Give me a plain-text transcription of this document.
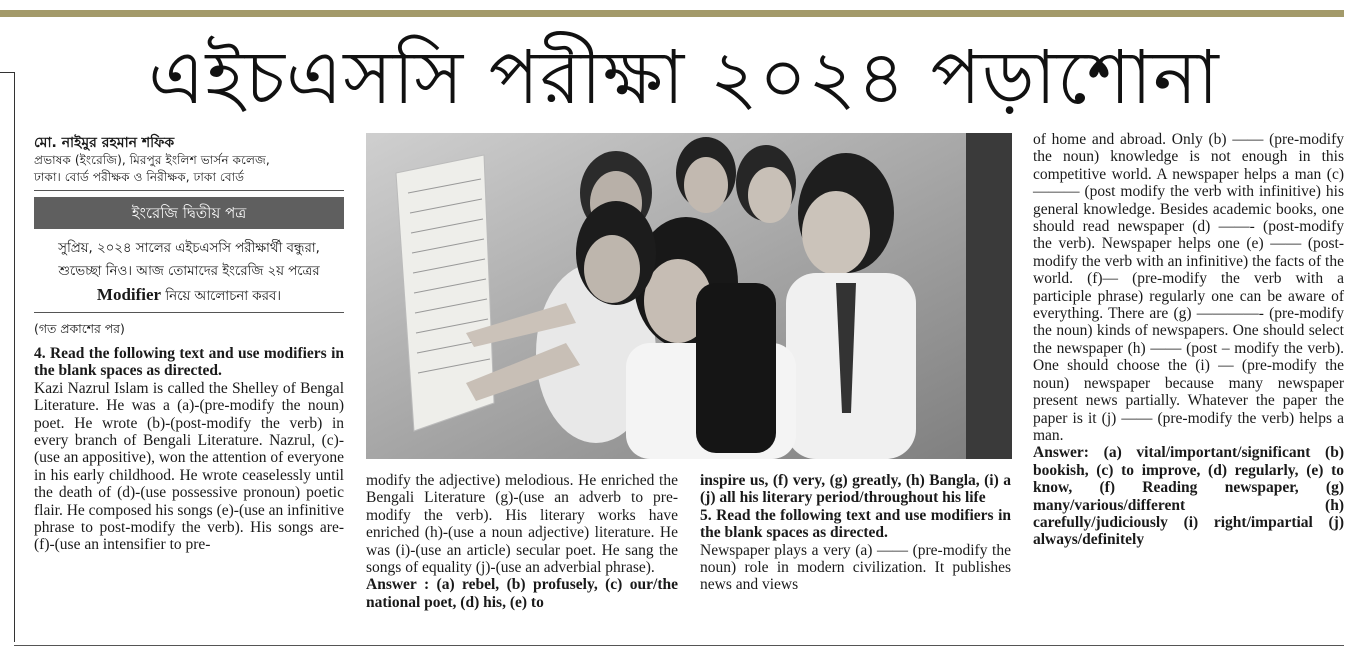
এইচএসসি পরীক্ষা ২০২৪ পড়াশোনা
মো. নাইমুর রহমান শফিক
প্রভাষক (ইংরেজি), মিরপুর ইংলিশ ভার্সন কলেজ,
ঢাকা। বোর্ড পরীক্ষক ও নিরীক্ষক, ঢাকা বোর্ড
ইংরেজি দ্বিতীয় পত্র
সুপ্রিয়, ২০২৪ সালের এইচএসসি পরীক্ষার্থী বন্ধুরা,
শুভেচ্ছা নিও। আজ তোমাদের ইংরেজি ২য় পত্রের
Modifier নিয়ে আলোচনা করব।
(গত প্রকাশের পর)
4. Read the following text and use modifiers in the blank spaces as directed.
Kazi Nazrul Islam is called the Shelley of Bengal Literature. He was a (a)-(pre-modify the noun) poet. He wrote (b)-(post-modify the verb) in every branch of Bengali Literature. Nazrul, (c)-(use an appositive), won the attention of everyone in his early childhood. He wrote ceaselessly until the death of (d)-(use possessive pronoun) poetic flair. He composed his songs (e)-(use an infinitive phrase to post-modify the verb). His songs are- (f)-(use an intensifier to pre-
modify the adjective) melodious. He enriched the Bengali Literature (g)-(use an adverb to pre-modify the verb). His literary works have enriched (h)-(use a noun adjective) literature. He was (i)-(use an article) secular poet. He sang the songs of equality (j)-(use an adverbial phrase).
Answer : (a) rebel, (b) profusely, (c) our/the national poet, (d) his, (e) to
inspire us, (f) very, (g) greatly, (h) Bangla, (i) a (j) all his literary period/throughout his life
5. Read the following text and use modifiers in the blank spaces as directed.
Newspaper plays a very (a) —— (pre-modify the noun) role in modern civilization. It publishes news and views
of home and abroad. Only (b) —— (pre-modify the noun) knowledge is not enough in this competitive world. A newspaper helps a man (c) ——— (post modify the verb with infinitive) his general knowledge. Besides academic books, one should read newspaper (d) ——- (post-modify the verb). Newspaper helps one (e) —— (post- modify the verb with an infinitive) the facts of the world. (f)— (pre-modify the verb with a participle phrase) regularly one can be aware of everything. There are (g) ————- (pre-modify the noun) kinds of newspapers. One should select the newspaper (h) —— (post – modify the verb). One should choose the (i) — (pre-modify the noun) newspaper because many newspaper present news partially. Whatever the paper the paper is it (j) —— (pre-modify the verb) helps a man.
Answer: (a) vital/important/significant (b) bookish, (c) to improve, (d) regularly, (e) to know, (f) Reading newspaper, (g) many/various/different (h) carefully/judiciously (i) right/impartial (j) always/definitely
